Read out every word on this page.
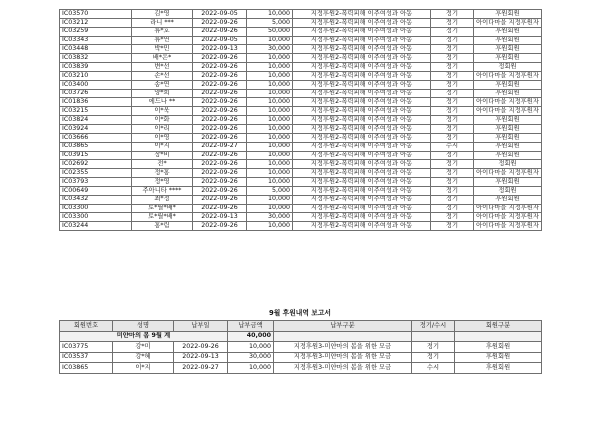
IC03570	김*영	2022-09-05	10,000	지정후원2-폭력피해 이주여성과 아동	정기	후원회원
IC03212	라니 ***	2022-09-26	5,000	지정후원2-폭력피해 이주여성과 아동	정기	아이다마을 지정후원자
IC03259	류*호	2022-09-26	50,000	지정후원2-폭력피해 이주여성과 아동	정기	후원회원
IC03343	류*연	2022-09-05	10,000	지정후원2-폭력피해 이주여성과 아동	정기	후원회원
IC03448	박*민	2022-09-13	30,000	지정후원2-폭력피해 이주여성과 아동	정기	후원회원
IC03832	배*은*	2022-09-26	10,000	지정후원2-폭력피해 이주여성과 아동	정기	후원회원
IC03839	변*선	2022-09-26	10,000	지정후원2-폭력피해 이주여성과 아동	정기	정회원
IC03210	손*선	2022-09-26	10,000	지정후원2-폭력피해 이주여성과 아동	정기	아이다마을 지정후원자
IC03400	송*연	2022-09-26	10,000	지정후원2-폭력피해 이주여성과 아동	정기	후원회원
IC03726	양*희	2022-09-26	10,000	지정후원2-폭력피해 이주여성과 아동	정기	후원회원
IC01836	에드나 **	2022-09-26	10,000	지정후원2-폭력피해 이주여성과 아동	정기	아이다마을 지정후원자
IC03215	이*욱	2022-09-26	10,000	지정후원2-폭력피해 이주여성과 아동	정기	아이다마을 지정후원자
IC03824	이*화	2022-09-26	10,000	지정후원2-폭력피해 이주여성과 아동	정기	후원회원
IC03924	이*리	2022-09-26	10,000	지정후원2-폭력피해 이주여성과 아동	정기	후원회원
IC03666	이*영	2022-09-26	10,000	지정후원2-폭력피해 이주여성과 아동	정기	후원회원
IC03865	이*지	2022-09-27	10,000	지정후원2-폭력피해 이주여성과 아동	수시	후원회원
IC03915	장*비	2022-09-26	10,000	지정후원2-폭력피해 이주여성과 아동	정기	후원회원
IC02692	전*	2022-09-26	10,000	지정후원2-폭력피해 이주여성과 아동	정기	정회원
IC02355	정*홍	2022-09-26	10,000	지정후원2-폭력피해 이주여성과 아동	정기	아이다마을 지정후원자
IC03793	정*영	2022-09-26	10,000	지정후원2-폭력피해 이주여성과 아동	정기	후원회원
IC00649	주아니타 ****	2022-09-26	5,000	지정후원2-폭력피해 이주여성과 아동	정기	정회원
IC03432	최*정	2022-09-26	10,000	지정후원2-폭력피해 이주여성과 아동	정기	후원회원
IC03300	토*릴*배*	2022-09-26	10,000	지정후원2-폭력피해 이주여성과 아동	정기	아이다마을 지정후원자
IC03300	토*릴*배*	2022-09-13	30,000	지정후원2-폭력피해 이주여성과 아동	정기	아이다마을 지정후원자
IC03244	홍*림	2022-09-26	10,000	지정후원2-폭력피해 이주여성과 아동	정기	아이다마을 지정후원자
9월 후원내역 보고서
회원번호	성명	납부일	납부금액	납부구분	정기/수시	회원구분
미얀마의 봄 9월 계			40,000			
IC03775	강*미	2022-09-26	10,000	지정후원3-미얀마의 봄을 위한 모금	정기	후원회원
IC03537	강*혜	2022-09-13	30,000	지정후원3-미얀마의 봄을 위한 모금	정기	후원회원
IC03865	이*지	2022-09-27	10,000	지정후원3-미얀마의 봄을 위한 모금	수시	후원회원
